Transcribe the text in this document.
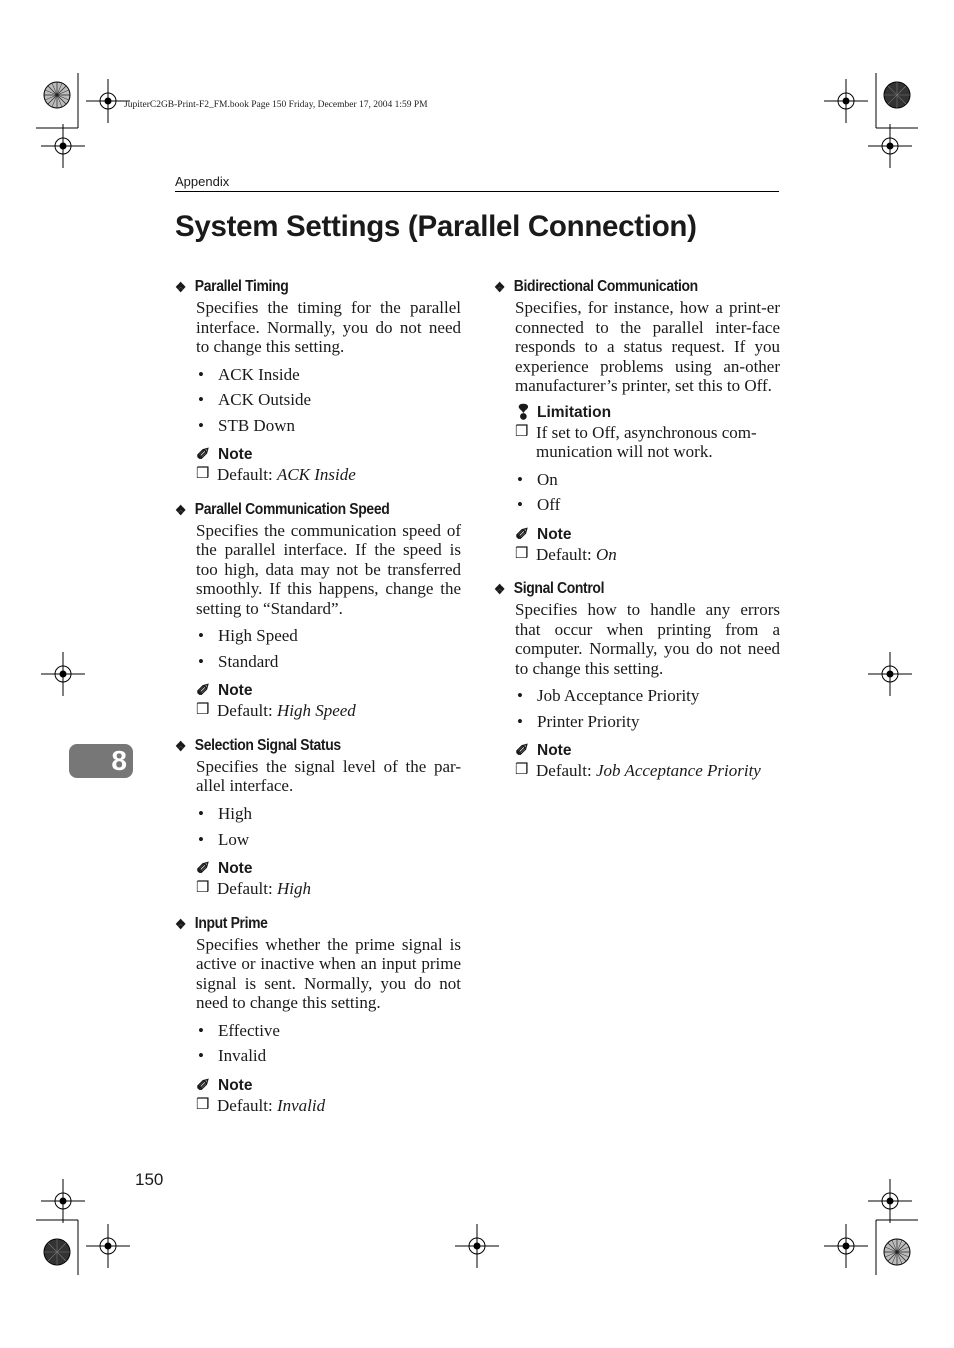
JupiterC2GB-Print-F2_FM.book Page 150 Friday, December 17, 2004 1:59 PM
Appendix
System Settings (Parallel Connection)
8
❖ Parallel Timing

Specifies the timing for the parallel interface. Normally, you do not need to change this setting.

• ACK Inside
• ACK Outside
• STB Down
✐ Note
❒ Default: ACK Inside
❖ Parallel Communication Speed

Specifies the communication speed of the parallel interface. If the speed is too high, data may not be transferred smoothly. If this happens, change the setting to “Standard”.

• High Speed
• Standard
✐ Note
❒ Default: High Speed
❖ Selection Signal Status

Specifies the signal level of the par-allel interface.

• High
• Low
✐ Note
❒ Default: High
❖ Input Prime

Specifies whether the prime signal is active or inactive when an input prime signal is sent. Normally, you do not need to change this setting.

• Effective
• Invalid
✐ Note
❒ Default: Invalid
❖ Bidirectional Communication

Specifies, for instance, how a print-er connected to the parallel inter-face responds to a status request. If you experience problems using an-other manufacturer’s printer, set this to Off.

❢ Limitation
❒ If set to Off, asynchronous com-munication will not work.
• On
• Off
✐ Note
❒ Default: On
❖ Signal Control

Specifies how to handle any errors that occur when printing from a computer. Normally, you do not need to change this setting.

• Job Acceptance Priority
• Printer Priority
✐ Note
❒ Default: Job Acceptance Priority
150
